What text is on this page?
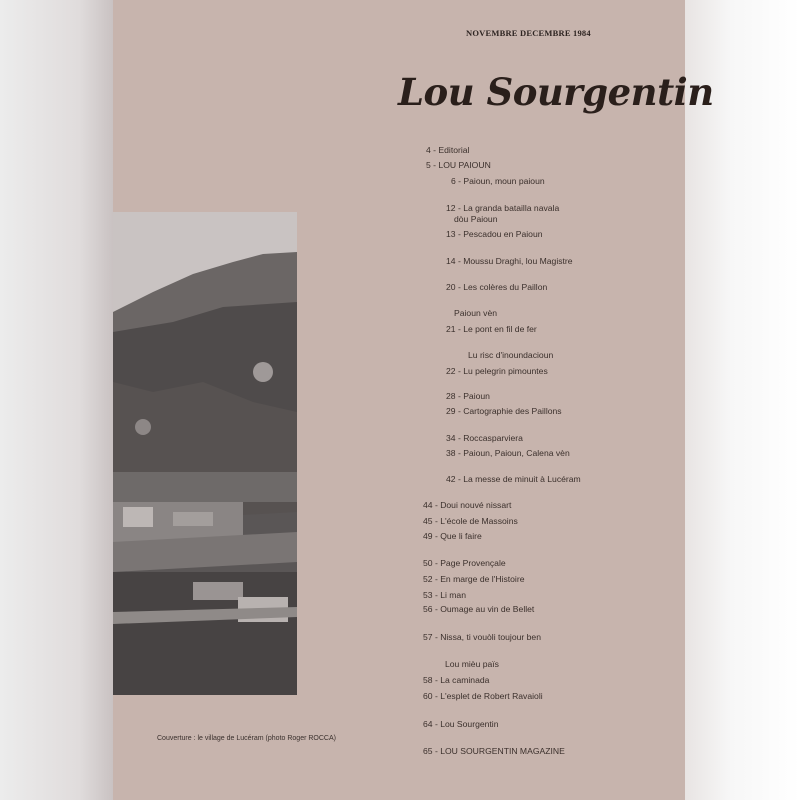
NOVEMBRE DECEMBRE 1984
Lou Sourgentin
Couverture : le village de Lucéram (photo Roger ROCCA)
4 - Editorial
5 - LOU PAIOUN
6 - Paioun, moun paioun
12 - La granda batailla navala
dòu Paioun
13 - Pescadou en Paioun
14 - Moussu Draghi, lou Magistre
20 - Les colères du Paillon
Paioun vèn
21 - Le pont en fil de fer
Lu risc d'inoundacioun
22 - Lu pelegrin pimountes
28 - Paioun
29 - Cartographie des Paillons
34 - Roccasparviera
38 - Paioun, Paioun, Calena vèn
42 - La messe de minuit à Lucéram
44 - Doui nouvé nissart
45 - L'école de Massoins
49 - Que li faire
50 - Page Provençale
52 - En marge de l'Histoire
53 - Li man
56 - Oumage au vin de Bellet
57 - Nissa, ti vouòli toujour ben
Lou mièu païs
58 - La caminada
60 - L'esplet de Robert Ravaioli
64 - Lou Sourgentin
65 - LOU SOURGENTIN MAGAZINE
